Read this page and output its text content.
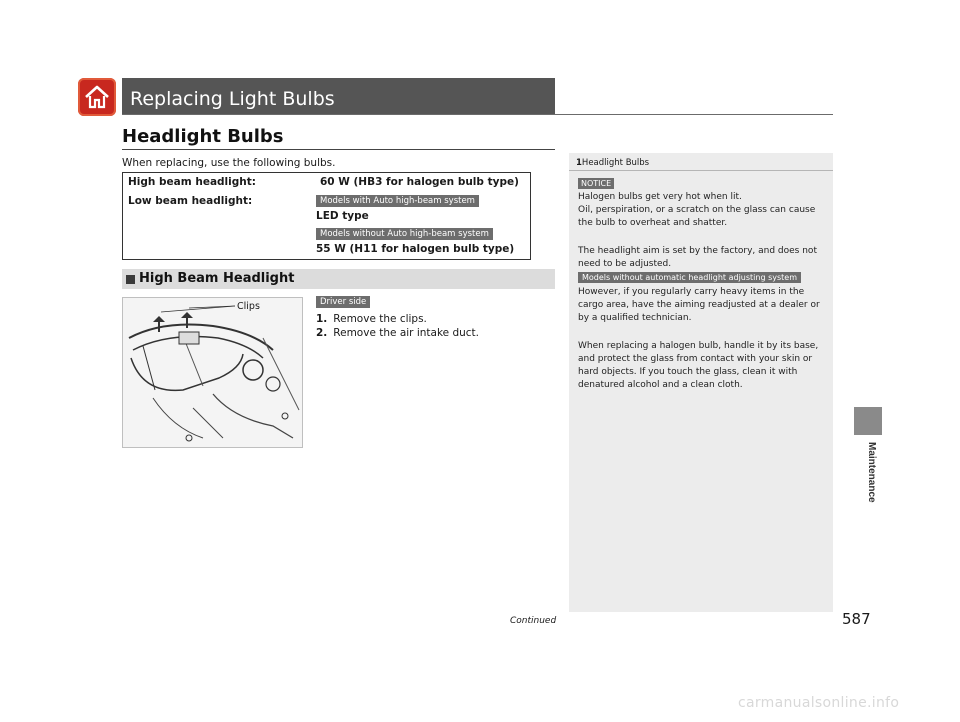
Replacing Light Bulbs
Headlight Bulbs
When replacing, use the following bulbs.
High beam headlight:	60 W (HB3 for halogen bulb type)
Low beam headlight:	Models with Auto high-beam system
LED type
Models without Auto high-beam system
55 W (H11 for halogen bulb type)
High Beam Headlight
Clips	Driver side
1. Remove the clips.
2. Remove the air intake duct.
1Headlight Bulbs
NOTICE
Halogen bulbs get very hot when lit.
Oil, perspiration, or a scratch on the glass can cause the bulb to overheat and shatter.
The headlight aim is set by the factory, and does not need to be adjusted.
Models without automatic headlight adjusting system
However, if you regularly carry heavy items in the cargo area, have the aiming readjusted at a dealer or by a qualified technician.
When replacing a halogen bulb, handle it by its base, and protect the glass from contact with your skin or hard objects. If you touch the glass, clean it with denatured alcohol and a clean cloth.
Maintenance
Continued	587
carmanualsonline.info
